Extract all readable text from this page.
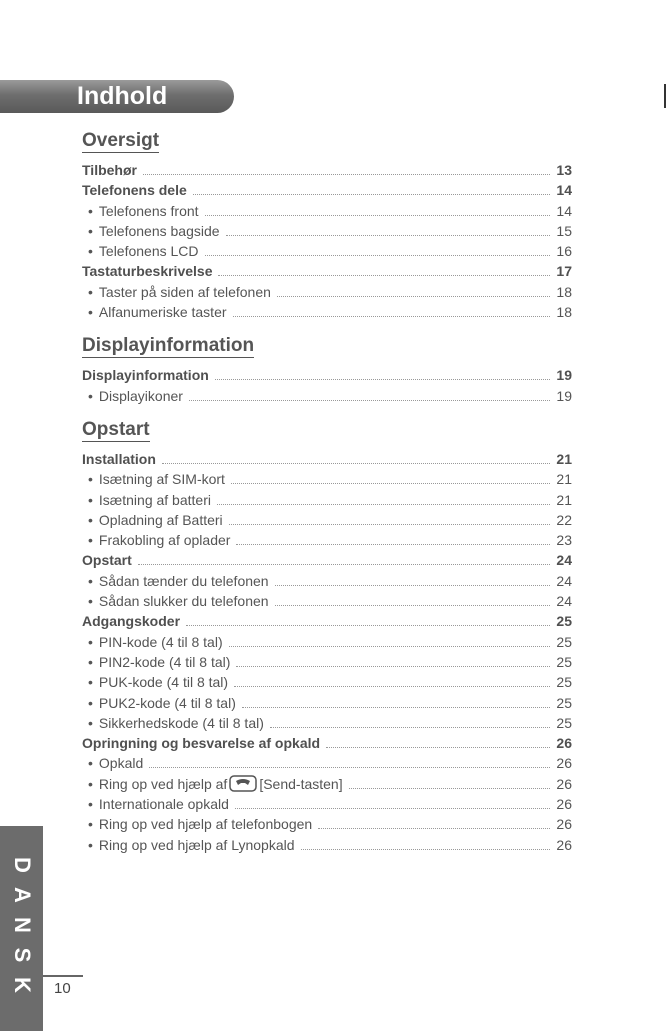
Indhold
Oversigt
Tilbehør	13
Telefonens dele	14
• Telefonens front	14
• Telefonens bagside	15
• Telefonens LCD	16
Tastaturbeskrivelse	17
• Taster på siden af telefonen	18
• Alfanumeriske taster	18
Displayinformation
Displayinformation	19
• Displayikoner	19
Opstart
Installation	21
• Isætning af SIM-kort	21
• Isætning af batteri	21
• Opladning af Batteri	22
• Frakobling af oplader	23
Opstart	24
• Sådan tænder du telefonen	24
• Sådan slukker du telefonen	24
Adgangskoder	25
• PIN-kode (4 til 8 tal)	25
• PIN2-kode (4 til 8 tal)	25
• PUK-kode (4 til 8 tal)	25
• PUK2-kode (4 til 8 tal)	25
• Sikkerhedskode (4 til 8 tal)	25
Opringning og besvarelse af opkald	26
• Opkald	26
• Ring op ved hjælp af [Send-tasten]	26
• Internationale opkald	26
• Ring op ved hjælp af telefonbogen	26
• Ring op ved hjælp af Lynopkald	26
D
A
N
S
K 10
